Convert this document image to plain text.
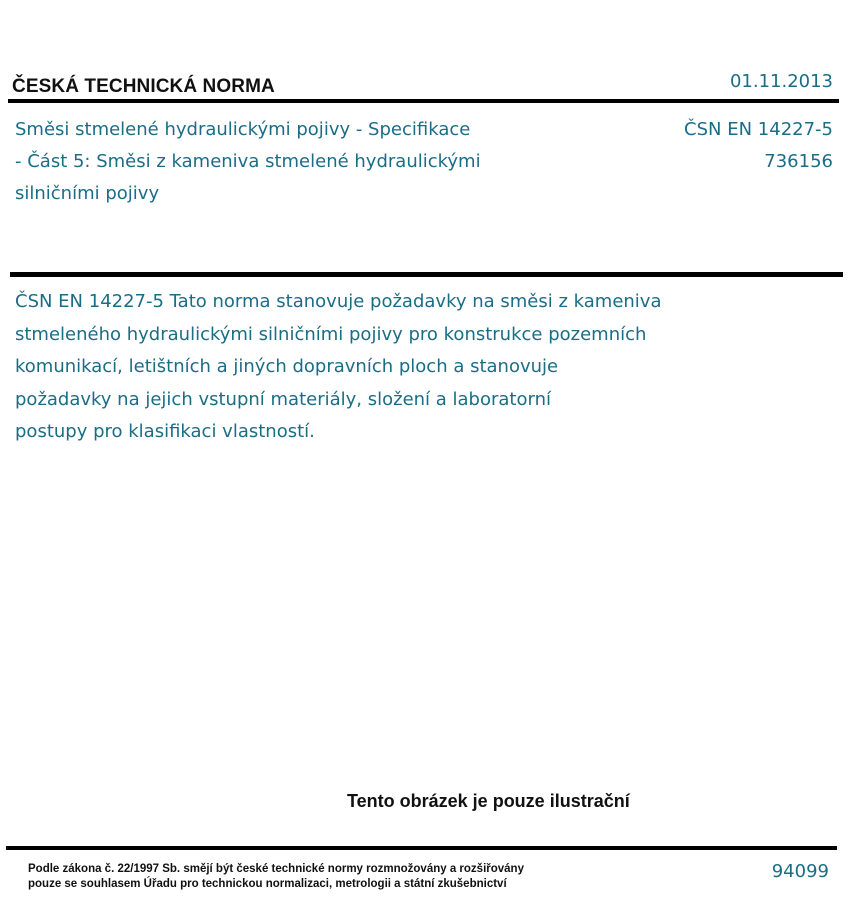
ČESKÁ TECHNICKÁ NORMA	01.11.2013
Směsi stmelené hydraulickými pojivy - Specifikace
- Část 5: Směsi z kameniva stmelené hydraulickými
silničními pojivy
ČSN EN 14227-5
736156
ČSN EN 14227-5 Tato norma stanovuje požadavky na směsi z kameniva
stmeleného hydraulickými silničními pojivy pro konstrukce pozemních
komunikací, letištních a jiných dopravních ploch a stanovuje
požadavky na jejich vstupní materiály, složení a laboratorní
postupy pro klasifikaci vlastností.
Tento obrázek je pouze ilustrační
Podle zákona č. 22/1997 Sb. smějí být české technické normy rozmnožovány a rozšiřovány
pouze se souhlasem Úřadu pro technickou normalizaci, metrologii a státní zkušebnictví
94099
